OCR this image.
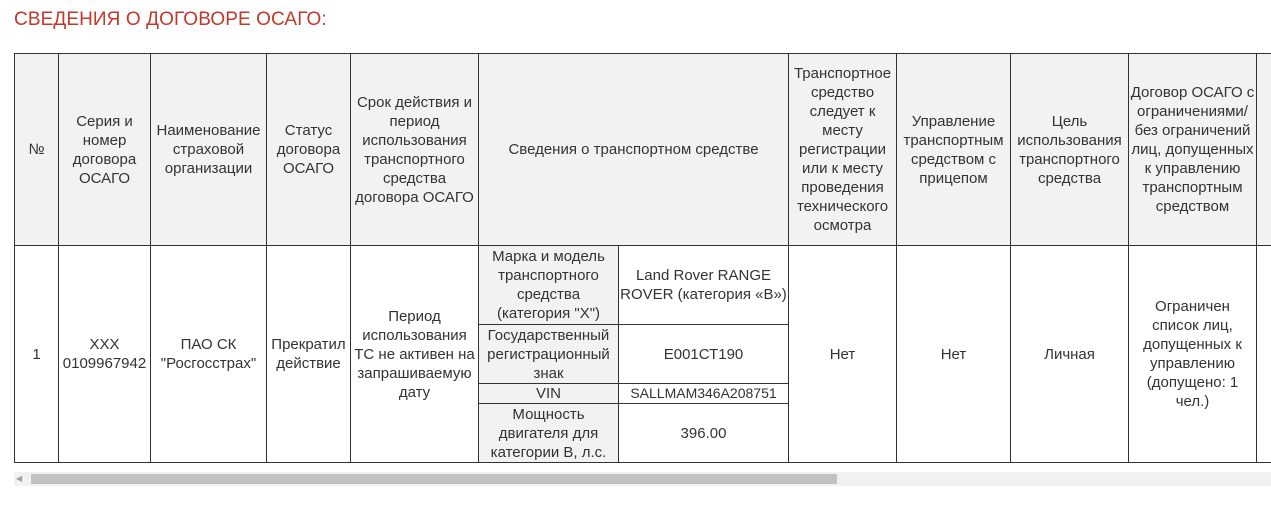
СВЕДЕНИЯ О ДОГОВОРЕ ОСАГО:
№	Серия и номер договора ОСАГО	Наименование страховой организации	Статус договора ОСАГО	Срок действия и период использования транспортного средства договора ОСАГО	Сведения о транспортном средстве		Транспортное средство следует к месту регистрации или к месту проведения технического осмотра	Управление транспортным средством с прицепом	Цель использования транспортного средства	Договор ОСАГО с ограничениями/ без ограничений лиц, допущенных к управлению транспортным средством	
1	XXX 0109967942	ПАО СК "Росгосстрах"	Прекратил действие	Период использования ТС не активен на запрашиваемую дату	Марка и модель транспортного средства (категория "Х")	Land Rover RANGE ROVER (категория «B»)	Нет	Нет	Личная	Ограничен список лиц, допущенных к управлению (допущено: 1 чел.)	
					Государственный регистрационный знак	Е001СТ190					
					VIN	SALLMAM346A208751					
					Мощность двигателя для категории B, л.с.	396.00					
◀
